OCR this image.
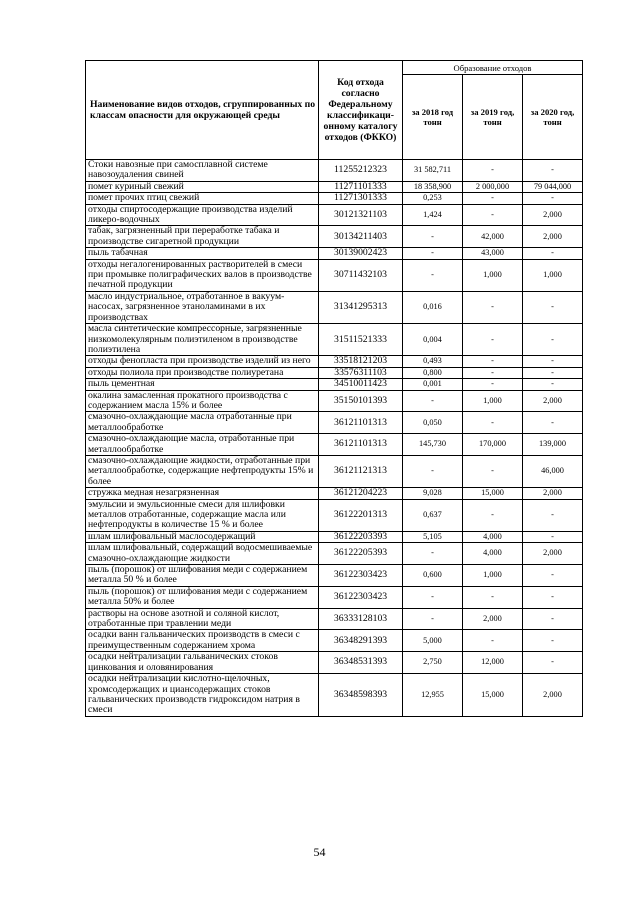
Наименование видов отходов, сгруппированных по классам опасности для окружающей среды	Код отхода согласно Федеральному классификаци-онному каталогу отходов (ФККО)	Образование отходов		
		за 2018 год тонн	за 2019 год, тонн	за 2020 год, тонн
Стоки навозные при самосплавной системе навозоудаления свиней	11255212323	31 582,711	-	-
помет куриный свежий	11271101333	18 358,900	2 000,000	79 044,000
помет прочих птиц свежий	11271301333	0,253	-	-
отходы спиртосодержащие производства изделий ликеро-водочных	30121321103	1,424	-	2,000
табак, загрязненный при переработке табака и производстве сигаретной продукции	30134211403	-	42,000	2,000
пыль табачная	30139002423	-	43,000	-
отходы негалогенированных растворителей в смеси при промывке полиграфических валов в производстве печатной продукции	30711432103	-	1,000	1,000
масло индустриальное, отработанное в вакуум-насосах, загрязненное этаноламинами в их производствах	31341295313	0,016	-	-
масла синтетические компрессорные, загрязненные низкомолекулярным полиэтиленом в производстве полиэтилена	31511521333	0,004	-	-
отходы фенопласта при производстве изделий из него	33518121203	0,493	-	-
отходы полиола при производстве полиуретана	33576311103	0,800	-	-
пыль цементная	34510011423	0,001	-	-
окалина замасленная прокатного производства с содержанием масла 15% и более	35150101393	-	1,000	2,000
смазочно-охлаждающие масла отработанные при металлообработке	36121101313	0,050	-	-
смазочно-охлаждающие масла, отработанные при металлообработке	36121101313	145,730	170,000	139,000
смазочно-охлаждающие жидкости, отработанные при металлообработке, содержащие нефтепродукты 15% и более	36121121313	-	-	46,000
стружка медная незагрязненная	36121204223	9,028	15,000	2,000
эмульсии и эмульсионные смеси для шлифовки металлов отработанные, содержащие масла или нефтепродукты в количестве 15 % и более	36122201313	0,637	-	-
шлам шлифовальный маслосодержащий	36122203393	5,105	4,000	-
шлам шлифовальный, содержащий водосмешиваемые смазочно-охлаждающие жидкости	36122205393	-	4,000	2,000
пыль (порошок) от шлифования меди с содержанием металла 50 % и более	36122303423	0,600	1,000	-
пыль (порошок) от шлифования меди с содержанием металла 50% и более	36122303423	-	-	-
растворы на основе азотной и соляной кислот, отработанные при травлении меди	36333128103	-	2,000	-
осадки ванн гальванических производств в смеси с преимущественным содержанием хрома	36348291393	5,000	-	-
осадки нейтрализации гальванических стоков цинкования и оловянирования	36348531393	2,750	12,000	-
осадки нейтрализации кислотно-щелочных, хромсодержащих и циансодержащих стоков гальванических производств гидроксидом натрия в смеси	36348598393	12,955	15,000	2,000
54
